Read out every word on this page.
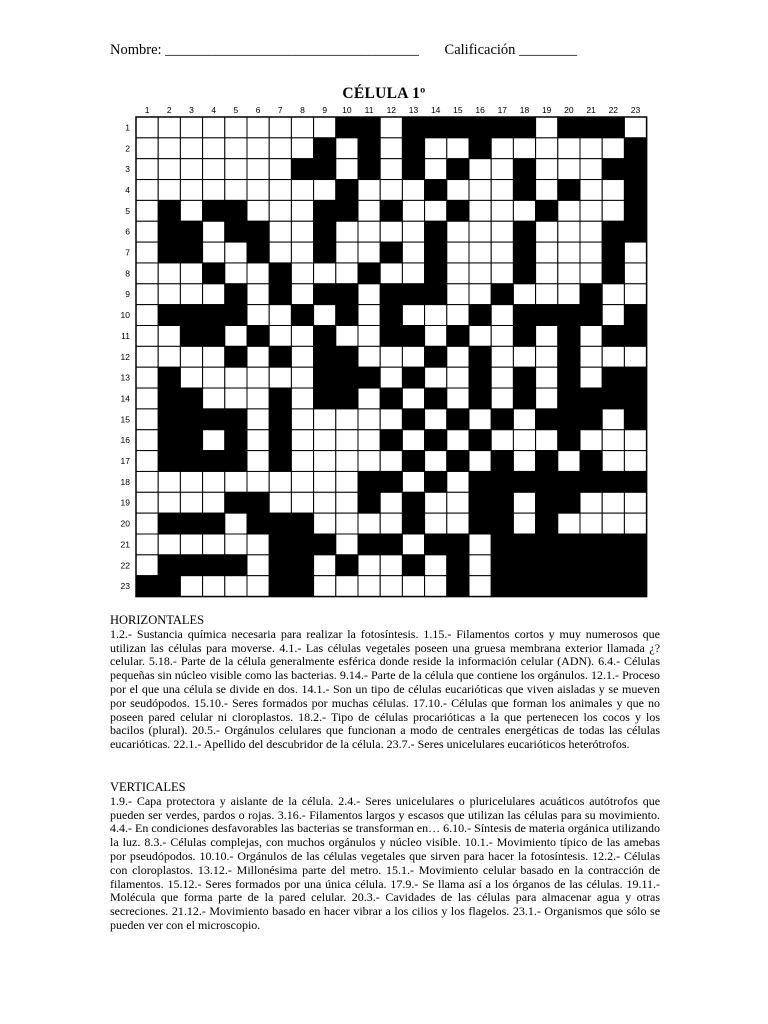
Nombre: ___________________________________ Calificación ________
CÉLULA 1º
1 2 3 4 5 6 7 8 9 10 11 12 13 14 15 16 17 18 19 20 21 22 23
1
2
3
4
5
6
7
8
9
10
11
12
13
14
15
16
17
18
19
20
21
22
23
HORIZONTALES
1.2.- Sustancia química necesaria para realizar la fotosíntesis. 1.15.- Filamentos cortos y muy numerosos que utilizan las células para moverse. 4.1.- Las células vegetales poseen una gruesa membrana exterior llamada ¿? celular. 5.18.- Parte de la célula generalmente esférica donde reside la información celular (ADN). 6.4.- Células pequeñas sin núcleo visible como las bacterias. 9.14.- Parte de la célula que contiene los orgánulos. 12.1.- Proceso por el que una célula se divide en dos. 14.1.- Son un tipo de células eucarióticas que viven aisladas y se mueven por seudópodos. 15.10.- Seres formados por muchas células. 17.10.- Células que forman los animales y que no poseen pared celular ni cloroplastos. 18.2.- Tipo de células procarióticas a la que pertenecen los cocos y los bacilos (plural). 20.5.- Orgánulos celulares que funcionan a modo de centrales energéticas de todas las células eucarióticas. 22.1.- Apellido del descubridor de la célula. 23.7.- Seres unicelulares eucarióticos heterótrofos.
VERTICALES
1.9.- Capa protectora y aislante de la célula. 2.4.- Seres unicelulares o pluricelulares acuáticos autótrofos que pueden ser verdes, pardos o rojas. 3.16.- Filamentos largos y escasos que utilizan las células para su movimiento. 4.4.- En condiciones desfavorables las bacterias se transforman en… 6.10.- Síntesis de materia orgánica utilizando la luz. 8.3.- Células complejas, con muchos orgánulos y núcleo visible. 10.1.- Movimiento típico de las amebas por pseudópodos. 10.10.- Orgánulos de las células vegetales que sirven para hacer la fotosíntesis. 12.2.- Células con cloroplastos. 13.12.- Millonésima parte del metro. 15.1.- Movimiento celular basado en la contracción de filamentos. 15.12.- Seres formados por una única célula. 17.9.- Se llama así a los órganos de las células. 19.11.- Molécula que forma parte de la pared celular. 20.3.- Cavidades de las células para almacenar agua y otras secreciones. 21.12.- Movimiento basado en hacer vibrar a los cilios y los flagelos. 23.1.- Organismos que sólo se pueden ver con el microscopio.
